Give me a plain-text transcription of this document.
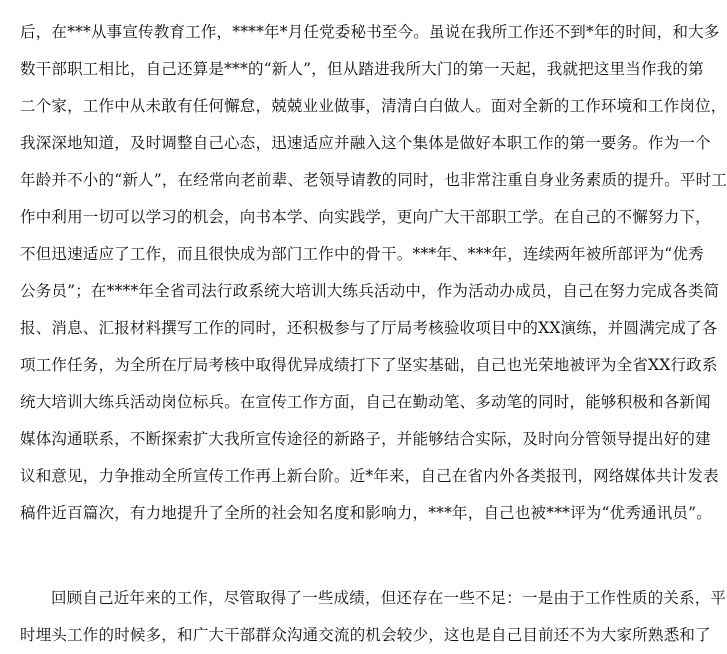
后，在***从事宣传教育工作，****年*月任党委秘书至今。虽说在我所工作还不到*年的时间，和大多
数干部职工相比，自己还算是***的“新人”，但从踏进我所大门的第一天起，我就把这里当作我的第
二个家，工作中从未敢有任何懈怠，兢兢业业做事，清清白白做人。面对全新的工作环境和工作岗位，
我深深地知道，及时调整自己心态，迅速适应并融入这个集体是做好本职工作的第一要务。作为一个
年龄并不小的“新人”，在经常向老前辈、老领导请教的同时，也非常注重自身业务素质的提升。平时工
作中利用一切可以学习的机会，向书本学、向实践学，更向广大干部职工学。在自己的不懈努力下，
不但迅速适应了工作，而且很快成为部门工作中的骨干。***年、***年，连续两年被所部评为“优秀
公务员”；在****年全省司法行政系统大培训大练兵活动中，作为活动办成员，自己在努力完成各类简
报、消息、汇报材料撰写工作的同时，还积极参与了厅局考核验收项目中的XX演练，并圆满完成了各
项工作任务，为全所在厅局考核中取得优异成绩打下了坚实基础，自己也光荣地被评为全省XX行政系
统大培训大练兵活动岗位标兵。在宣传工作方面，自己在勤动笔、多动笔的同时，能够积极和各新闻
媒体沟通联系，不断探索扩大我所宣传途径的新路子，并能够结合实际，及时向分管领导提出好的建
议和意见，力争推动全所宣传工作再上新台阶。近*年来，自己在省内外各类报刊，网络媒体共计发表
稿件近百篇次，有力地提升了全所的社会知名度和影响力，***年，自己也被***评为“优秀通讯员”。
回顾自己近年来的工作，尽管取得了一些成绩，但还存在一些不足：一是由于工作性质的关系，平
时埋头工作的时候多，和广大干部群众沟通交流的机会较少，这也是自己目前还不为大家所熟悉和了
